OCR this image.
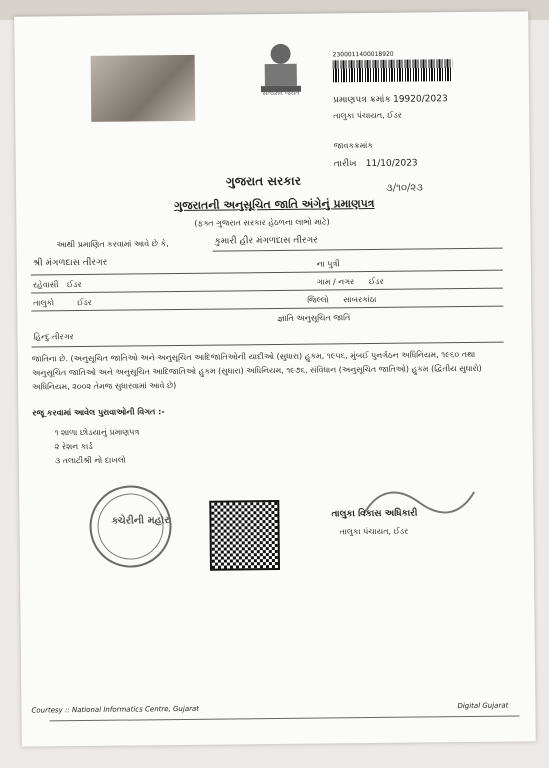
સત્યમેવ જયતે
2300011400018920
પ્રમાણપત્ર ક્રમાંક 19920/2023
તાલુકા પંચાયત, ઈડર
જાવકક્રમાંક
તારીખ 11/10/2023
૩/૧૦/૨૩
ગુજરાત સરકાર
ગુજરાતની અનુસૂચિત જાતિ અંગેનું પ્રમાણપત્ર
(ફક્ત ગુજરાત સરકાર હેઠળના લાભો માટે)
આથી પ્રમાણિત કરવામાં આવે છે કે,	કુમારી હીર મંગળદાસ તીરગર
શ્રી મંગળદાસ તીરગર	ના પુત્રી
રહેવાસી ઈડર	ગામ / નગર ઈડર
તાલુકો	ઈડર	જિલ્લો સાબરકાંઠા
જ્ઞાતિ અનુસૂચિત જાતિ
હિન્દુ તીરગર
જાતિના છે. (અનુસૂચિત જાતિઓ અને અનુસૂચિત આદિજાતિઓની યાદીઓ (સુધારા) હુકમ, ૧૯૫૬, મુંબઈ પુનર્ગઠન અધિનિયમ, ૧૯૬૦ તથા અનુસૂચિત જાતિઓ અને અનુસૂચિત આદિજાતિઓ હુકમ (સુધારા) અધિનિયમ, ૧૯૭૬, સંવિધાન (અનુસૂચિત જાતિઓ) હુકમ (દ્વિતીય સુધારો) અધિનિયમ, ૨૦૦૨ તેમજ સુધારવામાં આવે છે)
રજૂ કરવામાં આવેલ પુરાવાઓની વિગત :-
૧ શાળા છોડયાનું પ્રમાણપત્ર
૨ રેશન કાર્ડ
૩ તલાટીશ્રી નો દાખલો
ક્ચેરીની મહોર
તાલુકા વિકાસ અધિકારી
તાલુકા પંચાયત, ઈડર
Courtesy :: National Informatics Centre, Gujarat	Digital Gujarat
